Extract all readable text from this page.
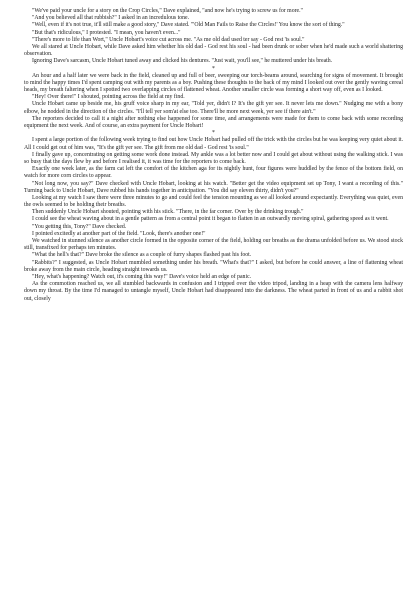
"We've paid your uncle for a story on the Crop Circles," Dave explained, "and now he's trying to screw us for more."

"And you believed all that rubbish?" I asked in an incredulous tone.

"Well, even if it's not true, it'll still make a good story," Dave stated. "'Old Man Fails to Raise the Circles!' You know the sort of thing."

"But that's ridiculous," I protested. "I mean, you haven't even..."

"There's more to life than Wort," Uncle Hobart's voice cut across me. "As me old dad used ter say - God rest 'is soul."

We all stared at Uncle Hobart, while Dave asked him whether his old dad - God rest his soul - had been drunk or sober when he'd made such a world shattering observation.

Ignoring Dave's sarcasm, Uncle Hobart tuned away and clicked his dentures. "Just wait, you'll see," he muttered under his breath.

*

An hour and a half later we were back in the field, cleaned up and full of beer, sweeping our torch-beams around, searching for signs of movement. It brought to mind the happy times I'd spent camping out with my parents as a boy. Pushing these thoughts to the back of my mind I looked out over the gently waving cereal heads, my breath faltering when I spotted two overlapping circles of flattened wheat. Another smaller circle was forming a short way off, even as I looked.

"Hey! Over there!" I shouted, pointing across the field at my find.

Uncle Hobart came up beside me, his gruff voice sharp in my ear, "Told yer, didn't I? It's the gift yer see. It never lets me down." Nudging me with a bony elbow, he nodded in the direction of the circles. "I'll tell yer som'at else too. There'll be more next week, yer see if there ain't."

The reporters decided to call it a night after nothing else happened for some time, and arrangements were made for them to come back with some recording equipment the next week. And of course, an extra payment for Uncle Hobart!

*

I spent a large portion of the following week trying to find out how Uncle Hobart had pulled off the trick with the circles but he was keeping very quiet about it. All I could get out of him was, "It's the gift yer see. The gift from me old dad - God rest 'is soul."

I finally gave up, concentrating on getting some work done instead. My ankle was a lot better now and I could get about without using the walking stick. I was so busy that the days flew by and before I realised it, it was time for the reporters to come back.

Exactly one week later, as the farm cat left the comfort of the kitchen aga for its nightly hunt, four figures were huddled by the fence of the bottom field, on watch for more corn circles to appear.

"Not long now, you say?" Dave checked with Uncle Hobart, looking at his watch. "Better get the video equipment set up Tony, I want a recording of this." Turning back to Uncle Hobart, Dave rubbed his hands together in anticipation. "You did say eleven thirty, didn't you?"

Looking at my watch I saw there were three minutes to go and could feel the tension mounting as we all looked around expectantly. Everything was quiet, even the owls seemed to be holding their breaths.

Then suddenly Uncle Hobart shouted, pointing with his stick. "There, in the far corner. Over by the drinking trough."

I could see the wheat waving about in a gentle pattern as from a central point it began to flatten in an outwardly moving spiral, gathering speed as it went.

"You getting this, Tony?" Dave checked.

I pointed excitedly at another part of the field. "Look, there's another one!"

We watched in stunned silence as another circle formed in the opposite corner of the field, holding our breaths as the drama unfolded before us. We stood stock still, transfixed for perhaps ten minutes.

"What the hell's that?" Dave broke the silence as a couple of furry shapes flashed past his foot.

"Rabbits?" I suggested, as Uncle Hobart mumbled something under his breath. "What's that?" I asked, but before he could answer, a line of flattening wheat broke away from the main circle, heading straight towards us.

"Hey, what's happening? Watch out, it's coming this way!" Dave's voice held an edge of panic.

As the commotion reached us, we all stumbled backwards in confusion and I tripped over the video tripod, landing in a heap with the camera lens halfway down my throat. By the time I'd managed to untangle myself, Uncle Hobart had disappeared into the darkness. The wheat parted in front of us and a rabbit shot out, closely
